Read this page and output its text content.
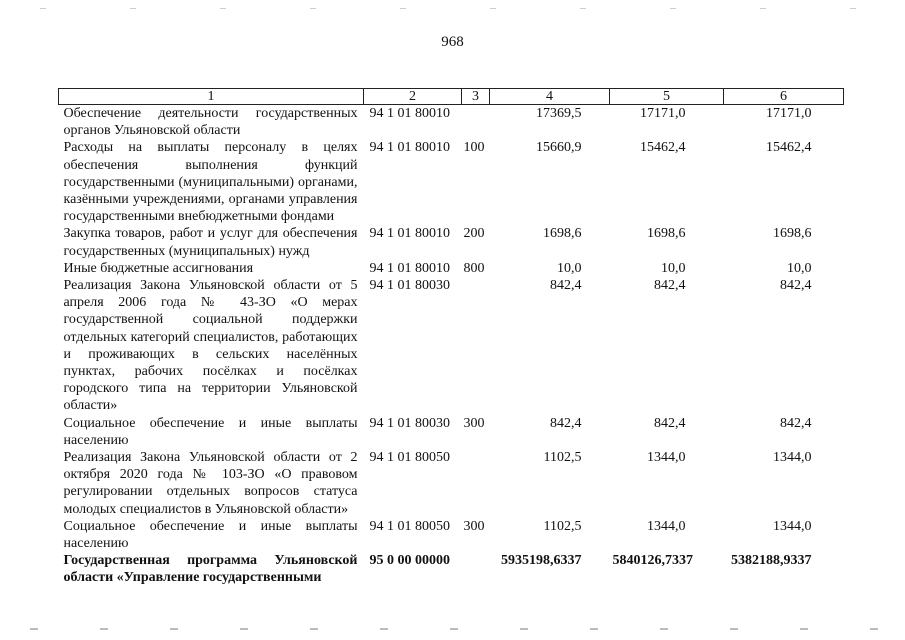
968
1	2	3	4	5	6
Обеспечение деятельности государственных органов Ульяновской области	94 1 01 80010		17369,5	17171,0	17171,0
Расходы на выплаты персоналу в целях обеспечения выполнения функций государственными (муниципальными) органами, казёнными учреждениями, органами управления государственными внебюджетными фондами	94 1 01 80010	100	15660,9	15462,4	15462,4
Закупка товаров, работ и услуг для обеспечения государственных (муниципальных) нужд	94 1 01 80010	200	1698,6	1698,6	1698,6
Иные бюджетные ассигнования	94 1 01 80010	800	10,0	10,0	10,0
Реализация Закона Ульяновской области от 5 апреля 2006 года № 43-ЗО «О мерах государственной социальной поддержки отдельных категорий специалистов, работающих и проживающих в сельских населённых пунктах, рабочих посёлках и посёлках городского типа на территории Ульяновской области»	94 1 01 80030		842,4	842,4	842,4
Социальное обеспечение и иные выплаты населению	94 1 01 80030	300	842,4	842,4	842,4
Реализация Закона Ульяновской области от 2 октября 2020 года № 103-ЗО «О правовом регулировании отдельных вопросов статуса молодых специалистов в Ульяновской области»	94 1 01 80050		1102,5	1344,0	1344,0
Социальное обеспечение и иные выплаты населению	94 1 01 80050	300	1102,5	1344,0	1344,0
Государственная программа Ульяновской области «Управление государственными	95 0 00 00000		5935198,6337	5840126,7337	5382188,9337
